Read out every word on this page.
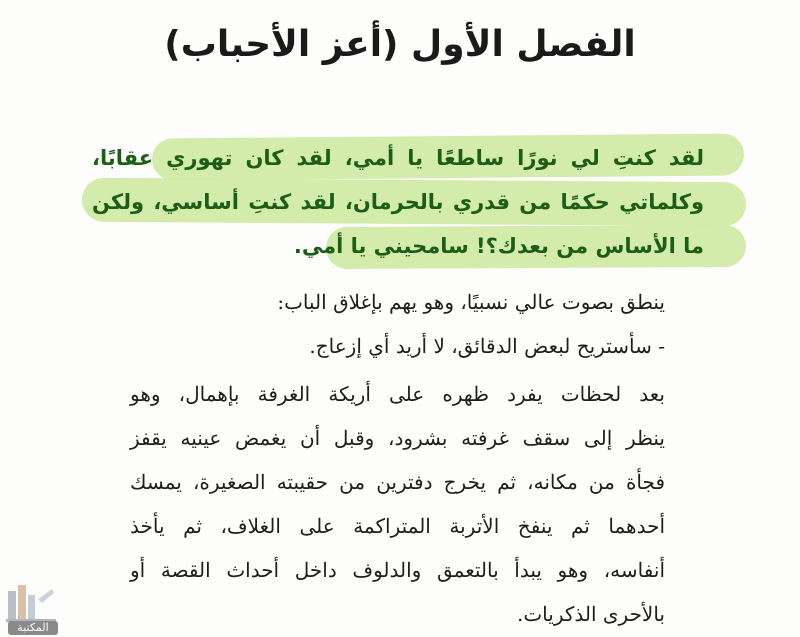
الفصل الأول (أعز الأحباب)
لقد كنتِ لي نورًا ساطعًا يا أمي، لقد كان تهوري عقابًا،
وكلماتي حكمًا من قدري بالحرمان، لقد كنتِ أساسي، ولكن
ما الأساس من بعدك؟! سامحيني يا أمي.
ينطق بصوت عالي نسبيًا، وهو يهم بإغلاق الباب:
- سأستريح لبعض الدقائق، لا أريد أي إزعاج.
بعد لحظات يفرد ظهره على أريكة الغرفة بإهمال، وهو
ينظر إلى سقف غرفته بشرود، وقبل أن يغمض عينيه يقفز
فجأة من مكانه، ثم يخرج دفترين من حقيبته الصغيرة، يمسك
أحدهما ثم ينفخ الأتربة المتراكمة على الغلاف، ثم يأخذ
أنفاسه، وهو يبدأ بالتعمق والدلوف داخل أحداث القصة أو
بالأحرى الذكريات.
المكتبة
